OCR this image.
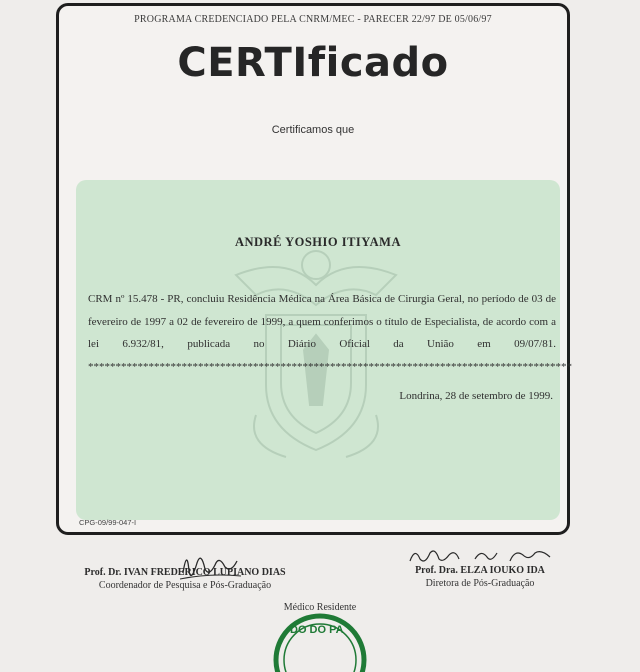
PROGRAMA CREDENCIADO PELA CNRM/MEC - PARECER 22/97 DE 05/06/97
CERTIficado
Certificamos que
ANDRÉ YOSHIO ITIYAMA
CRM nº 15.478 - PR, concluiu Residência Médica na Área Básica de Cirurgia Geral, no período de 03 de fevereiro de 1997 a 02 de fevereiro de 1999, a quem conferimos o título de Especialista, de acordo com a lei 6.932/81, publicada no Diário Oficial da União em 09/07/81. ****************************************************************************************
Londrina, 28 de setembro de 1999.
CPG-09/99-047-I
Prof. Dr. IVAN FREDERICO LUPIANO DIAS
Coordenador de Pesquisa e Pós-Graduação
Prof. Dra. ELZA IOUKO IDA
Diretora de Pós-Graduação
Médico Residente
DO DO PA
